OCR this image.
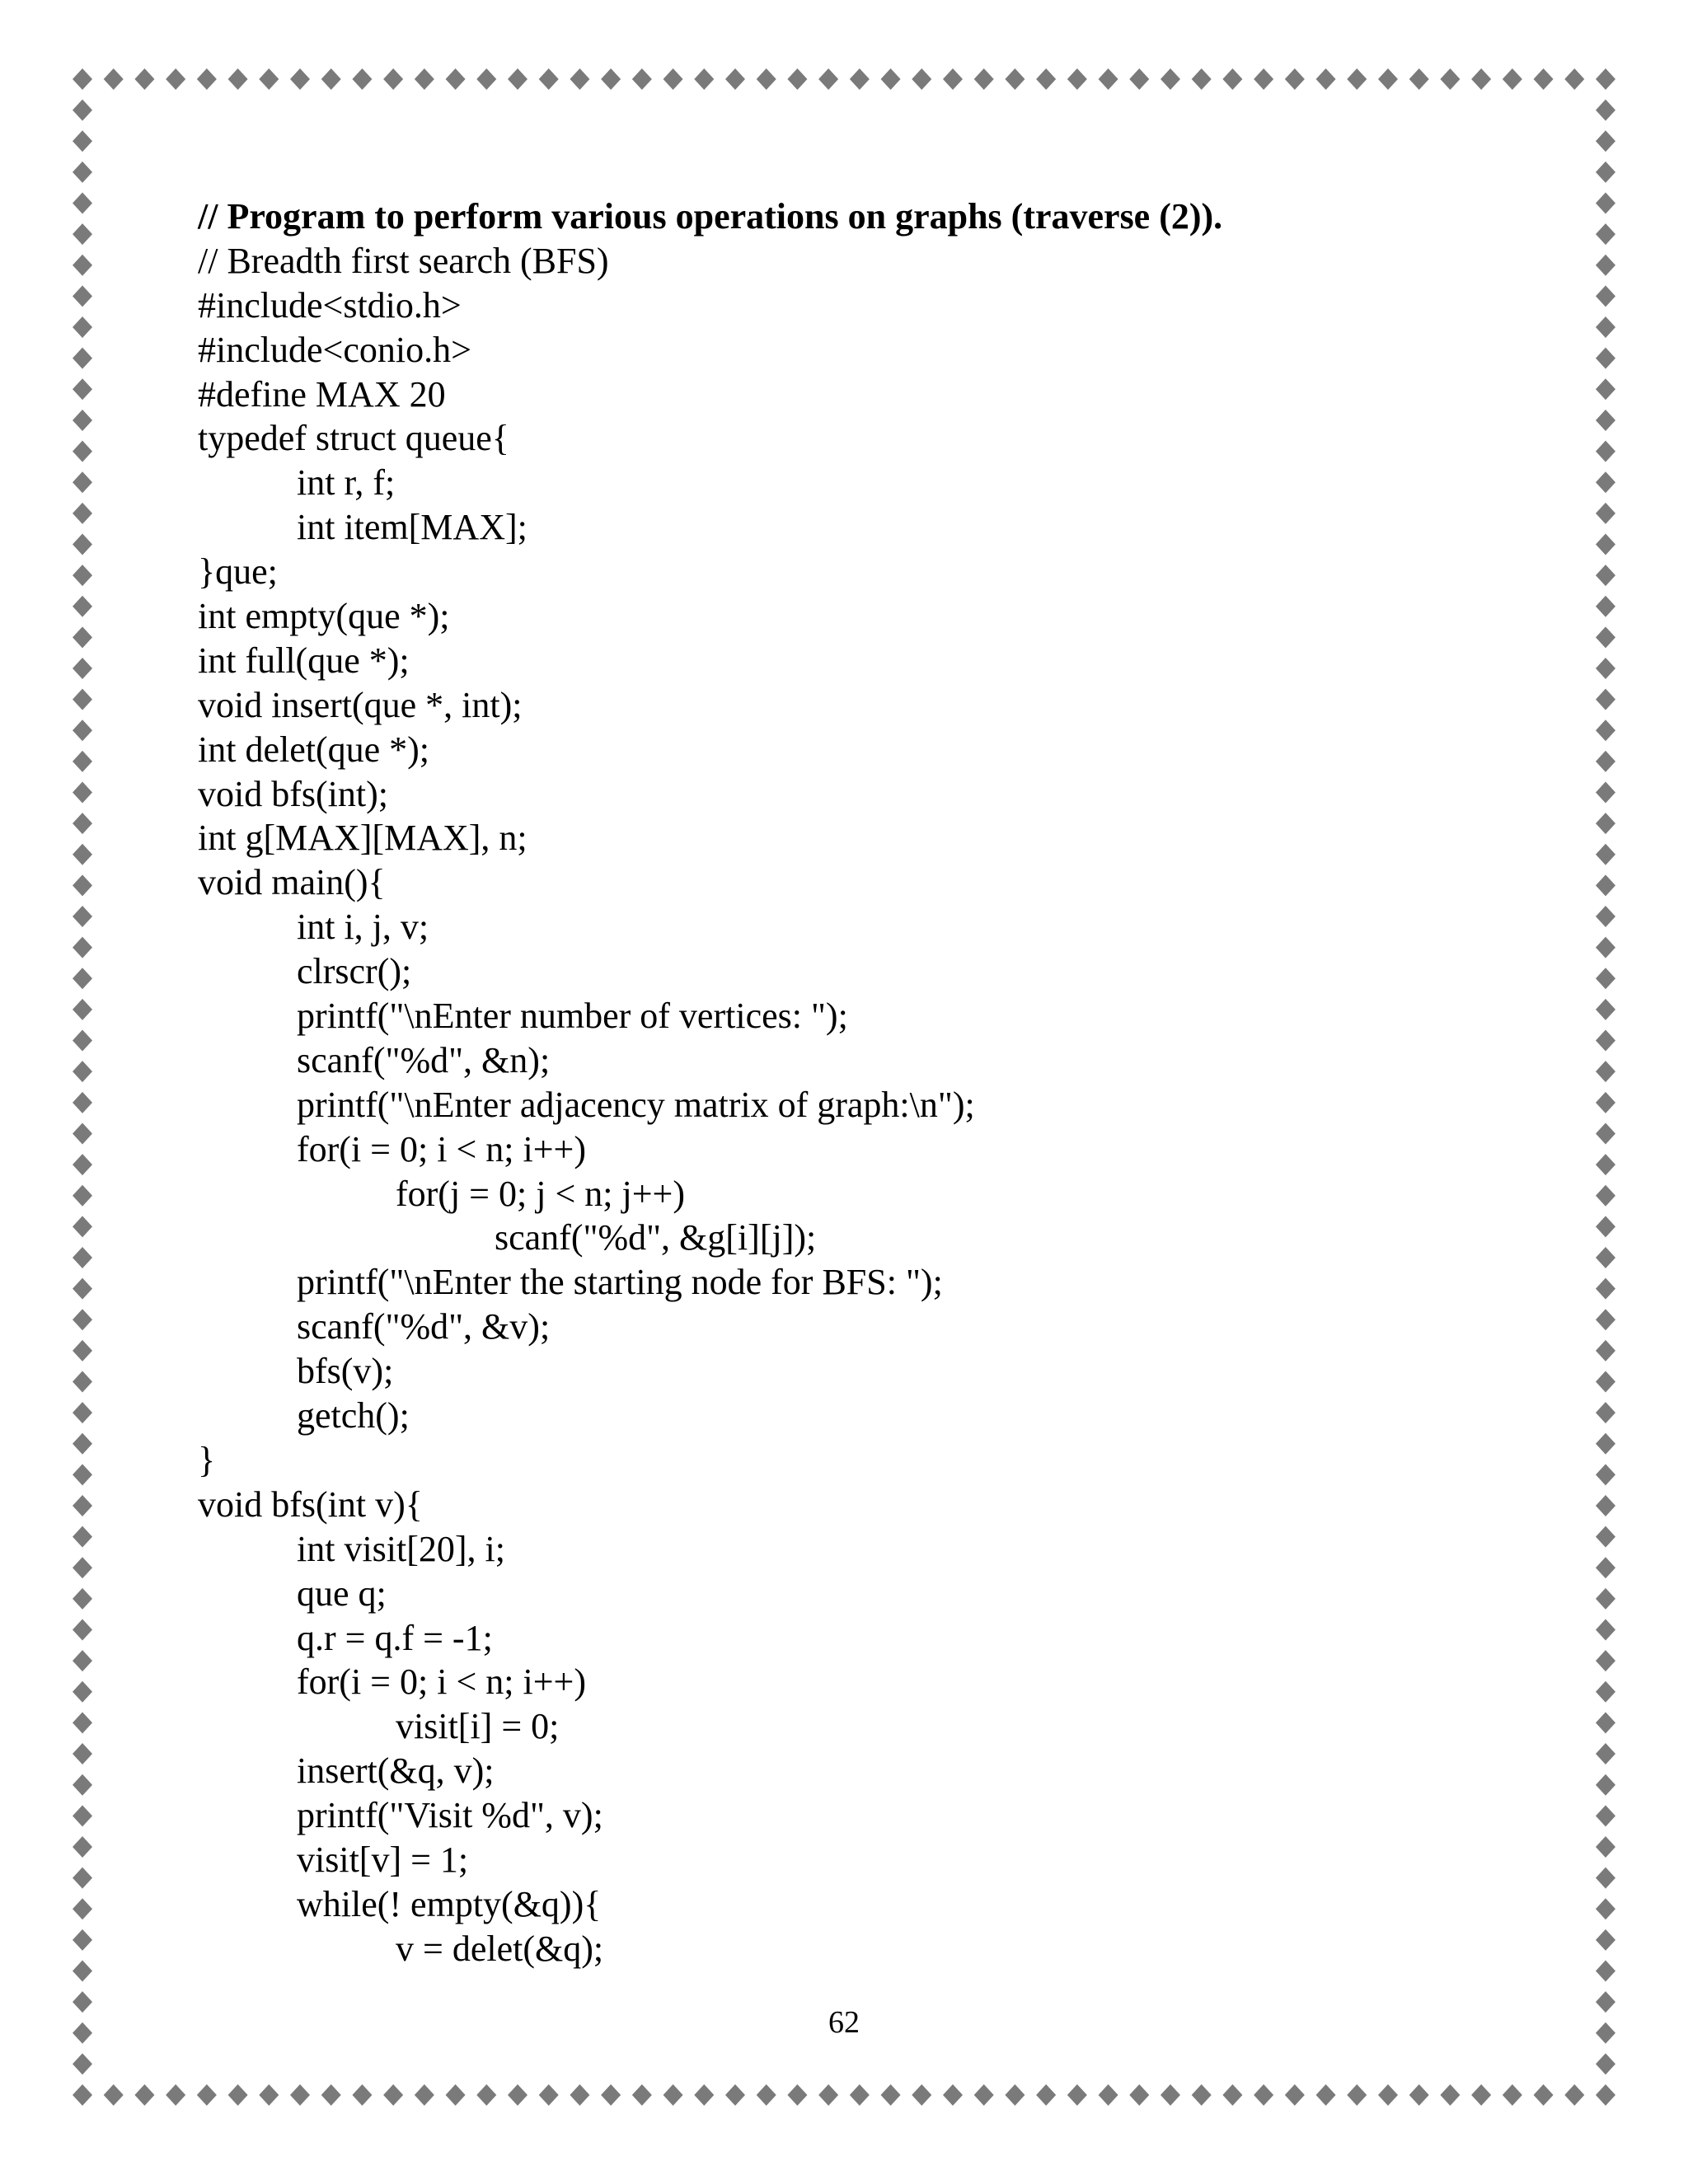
// Program to perform various operations on graphs (traverse (2)).
// Breadth first search (BFS)
#include<stdio.h>
#include<conio.h>
#define MAX 20
typedef struct queue{
int r, f;
int item[MAX];
}que;
int empty(que *);
int full(que *);
void insert(que *, int);
int delet(que *);
void bfs(int);
int g[MAX][MAX], n;
void main(){
int i, j, v;
clrscr();
printf("\nEnter number of vertices: ");
scanf("%d", &n);
printf("\nEnter adjacency matrix of graph:\n");
for(i = 0; i < n; i++)
for(j = 0; j < n; j++)
scanf("%d", &g[i][j]);
printf("\nEnter the starting node for BFS: ");
scanf("%d", &v);
bfs(v);
getch();
}
void bfs(int v){
int visit[20], i;
que q;
q.r = q.f = -1;
for(i = 0; i < n; i++)
visit[i] = 0;
insert(&q, v);
printf("Visit %d", v);
visit[v] = 1;
while(! empty(&q)){
v = delet(&q);
62
